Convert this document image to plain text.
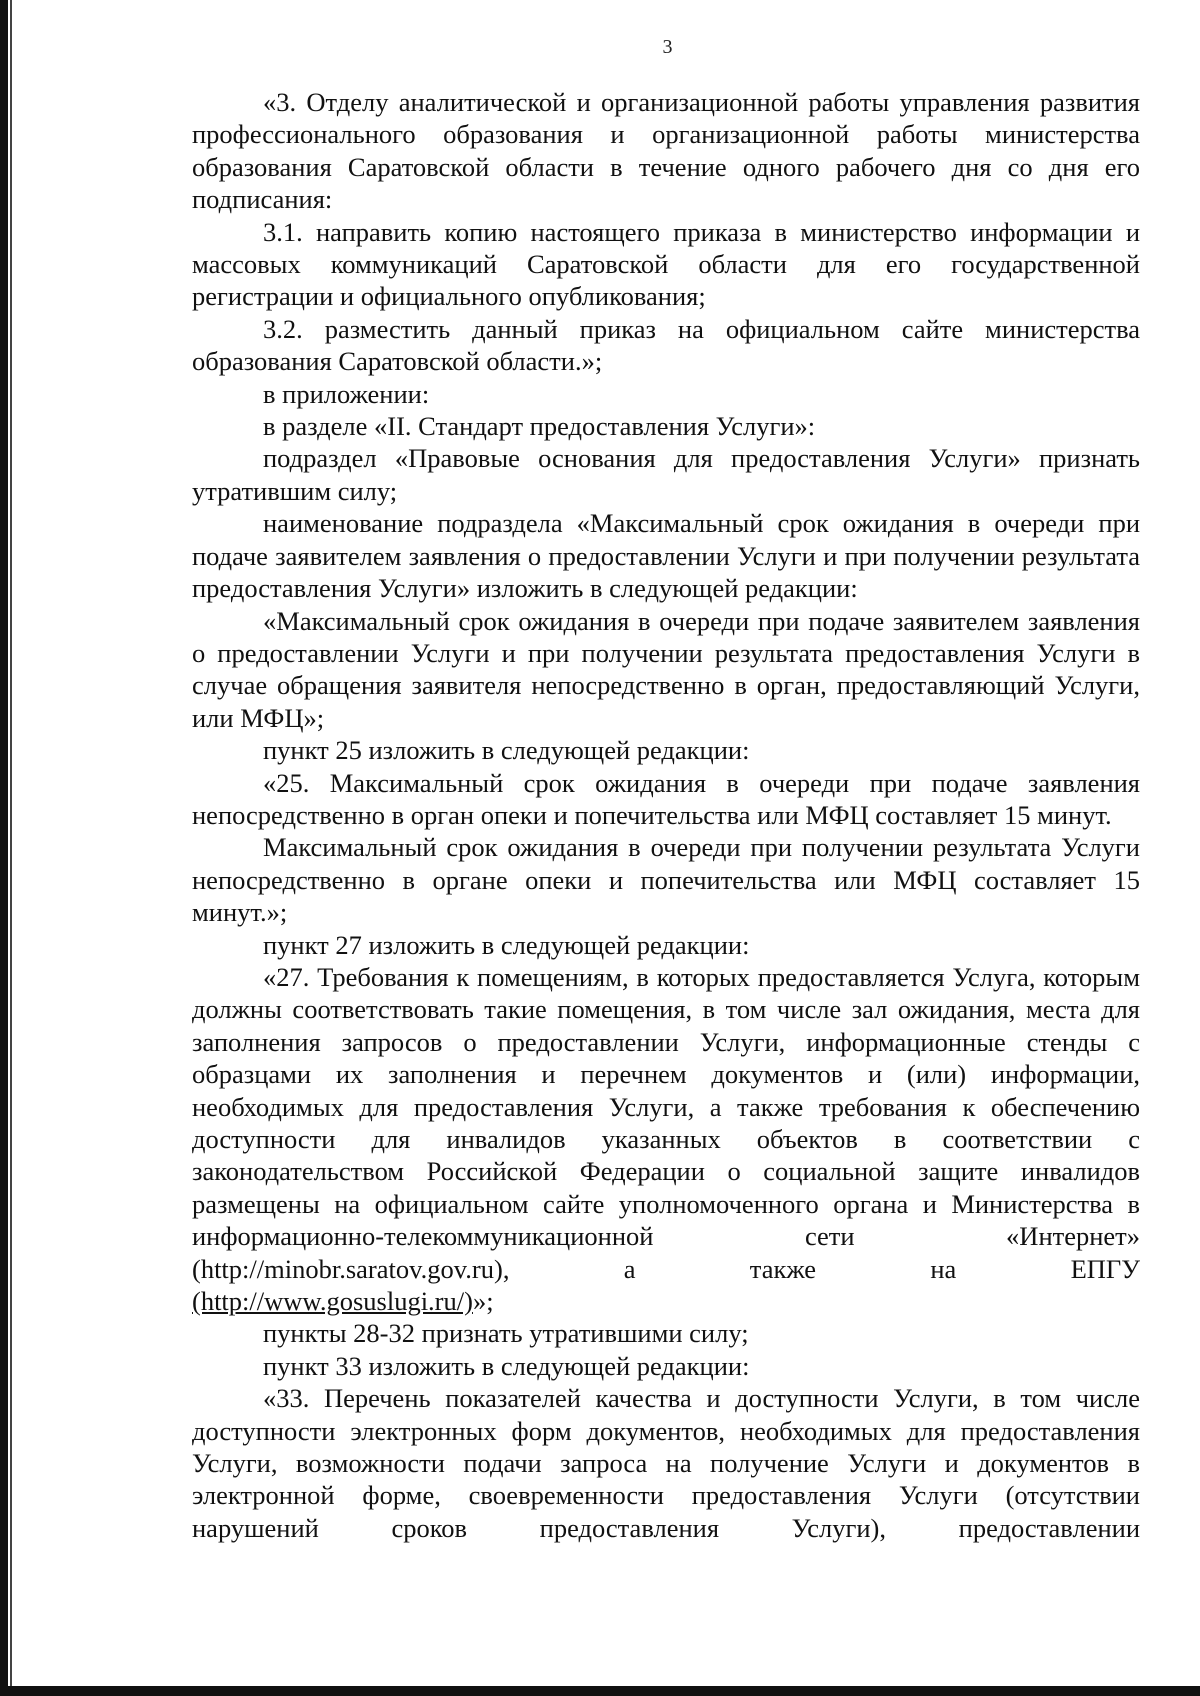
3

«3. Отделу аналитической и организационной работы управления развития профессионального образования и организационной работы министерства образования Саратовской области в течение одного рабочего дня со дня его подписания:

3.1. направить копию настоящего приказа в министерство информации и массовых коммуникаций Саратовской области для его государственной регистрации и официального опубликования;

3.2. разместить данный приказ на официальном сайте министерства образования Саратовской области.»;

в приложении:

в разделе «II. Стандарт предоставления Услуги»:

подраздел «Правовые основания для предоставления Услуги» признать утратившим силу;

наименование подраздела «Максимальный срок ожидания в очереди при подаче заявителем заявления о предоставлении Услуги и при получении результата предоставления Услуги» изложить в следующей редакции:

«Максимальный срок ожидания в очереди при подаче заявителем заявления о предоставлении Услуги и при получении результата предоставления Услуги в случае обращения заявителя непосредственно в орган, предоставляющий Услуги, или МФЦ»;

пункт 25 изложить в следующей редакции:

«25. Максимальный срок ожидания в очереди при подаче заявления непосредственно в орган опеки и попечительства или МФЦ составляет 15 минут.

Максимальный срок ожидания в очереди при получении результата Услуги непосредственно в органе опеки и попечительства или МФЦ составляет 15 минут.»;

пункт 27 изложить в следующей редакции:

«27. Требования к помещениям, в которых предоставляется Услуга, которым должны соответствовать такие помещения, в том числе зал ожидания, места для заполнения запросов о предоставлении Услуги, информационные стенды с образцами их заполнения и перечнем документов и (или) информации, необходимых для предоставления Услуги, а также требования к обеспечению доступности для инвалидов указанных объектов в соответствии с законодательством Российской Федерации о социальной защите инвалидов размещены на официальном сайте уполномоченного органа и Министерства в информационно-телекоммуникационной сети «Интернет» (http://minobr.saratov.gov.ru), а также на ЕПГУ

(http://www.gosuslugi.ru/)»;

пункты 28-32 признать утратившими силу;

пункт 33 изложить в следующей редакции:

«33. Перечень показателей качества и доступности Услуги, в том числе доступности электронных форм документов, необходимых для предоставления Услуги, возможности подачи запроса на получение Услуги и документов в электронной форме, своевременности предоставления Услуги (отсутствии нарушений сроков предоставления Услуги), предоставлении
